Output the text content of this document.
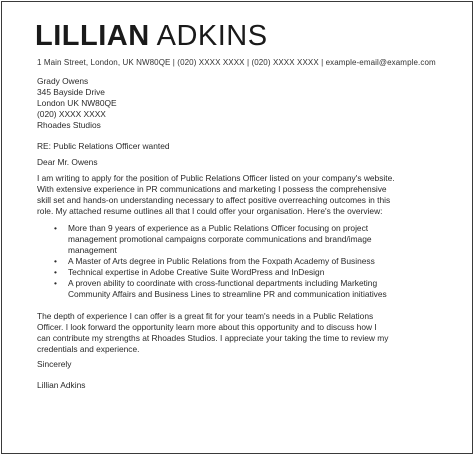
LILLIAN ADKINS
1 Main Street, London, UK NW80QE | (020) XXXX XXXX | (020) XXXX XXXX | example-email@example.com
Grady Owens
345 Bayside Drive
London UK NW80QE
(020) XXXX XXXX
Rhoades Studios
RE: Public Relations Officer wanted
Dear Mr. Owens
I am writing to apply for the position of Public Relations Officer listed on your company's website.
With extensive experience in PR communications and marketing I possess the comprehensive
skill set and hands-on understanding necessary to affect positive overreaching outcomes in this
role. My attached resume outlines all that I could offer your organisation. Here's the overview:
• More than 9 years of experience as a Public Relations Officer focusing on project
management promotional campaigns corporate communications and brand/image
management
• A Master of Arts degree in Public Relations from the Foxpath Academy of Business
• Technical expertise in Adobe Creative Suite WordPress and InDesign
• A proven ability to coordinate with cross-functional departments including Marketing
Community Affairs and Business Lines to streamline PR and communication initiatives
The depth of experience I can offer is a great fit for your team's needs in a Public Relations
Officer. I look forward the opportunity learn more about this opportunity and to discuss how I
can contribute my strengths at Rhoades Studios. I appreciate your taking the time to review my
credentials and experience.
Sincerely
Lillian Adkins
